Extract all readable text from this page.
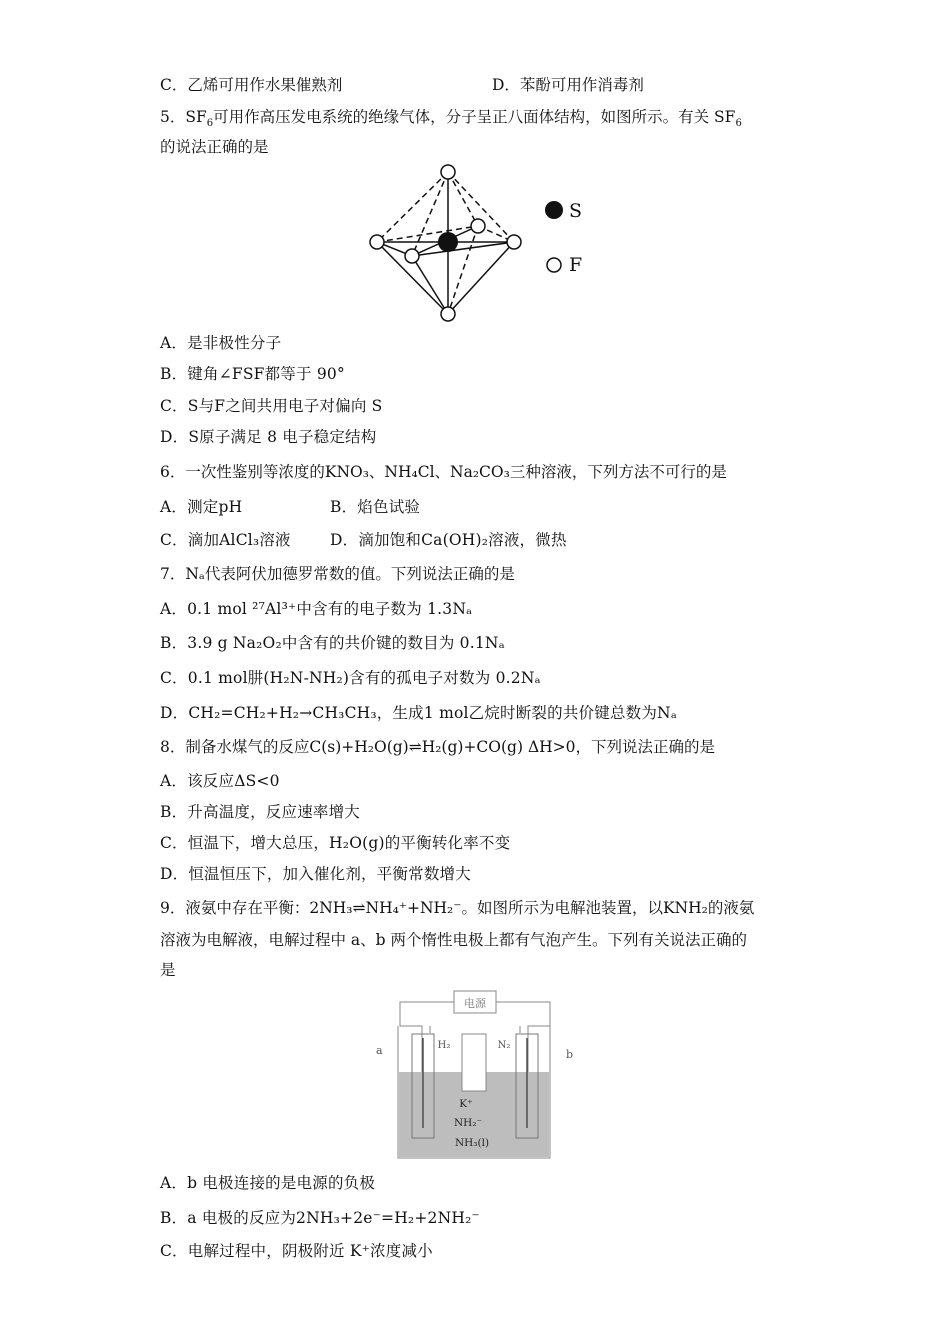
C．乙烯可用作水果催熟剂	D．苯酚可用作消毒剂
5．$SF_6$可用作高压发电系统的绝缘气体，分子呈正八面体结构，如图所示。有关 $SF_6$
的说法正确的是
S
F
A．是非极性分子
B．键角∠FSF都等于 90°
C．S与F之间共用电子对偏向 S
D．S原子满足 8 电子稳定结构
6．一次性鉴别等浓度的KNO₃、NH₄Cl、Na₂CO₃三种溶液，下列方法不可行的是
A．测定pH	B．焰色试验
C．滴加AlCl₃溶液	D．滴加饱和Ca(OH)₂溶液，微热
7．Nₐ代表阿伏加德罗常数的值。下列说法正确的是
A．0.1 mol ²⁷Al³⁺中含有的电子数为 1.3Nₐ
B．3.9 g Na₂O₂中含有的共价键的数目为 0.1Nₐ
C．0.1 mol肼(H₂N-NH₂)含有的孤电子对数为 0.2Nₐ
D．CH₂=CH₂+H₂→CH₃CH₃，生成1 mol乙烷时断裂的共价键总数为Nₐ
8．制备水煤气的反应C(s)+H₂O(g)⇌H₂(g)+CO(g) ΔH>0，下列说法正确的是
A．该反应ΔS<0
B．升高温度，反应速率增大
C．恒温下，增大总压，H₂O(g)的平衡转化率不变
D．恒温恒压下，加入催化剂，平衡常数增大
9．液氨中存在平衡：2NH₃⇌NH₄⁺+NH₂⁻。如图所示为电解池装置，以KNH₂的液氨
溶液为电解液，电解过程中 a、b 两个惰性电极上都有气泡产生。下列有关说法正确的
是
电源
a	b
H₂	N₂
K⁺
NH₂⁻
NH₃(l)
A．b 电极连接的是电源的负极
B．a 电极的反应为2NH₃+2e⁻=H₂+2NH₂⁻
C．电解过程中，阴极附近 K⁺浓度减小
